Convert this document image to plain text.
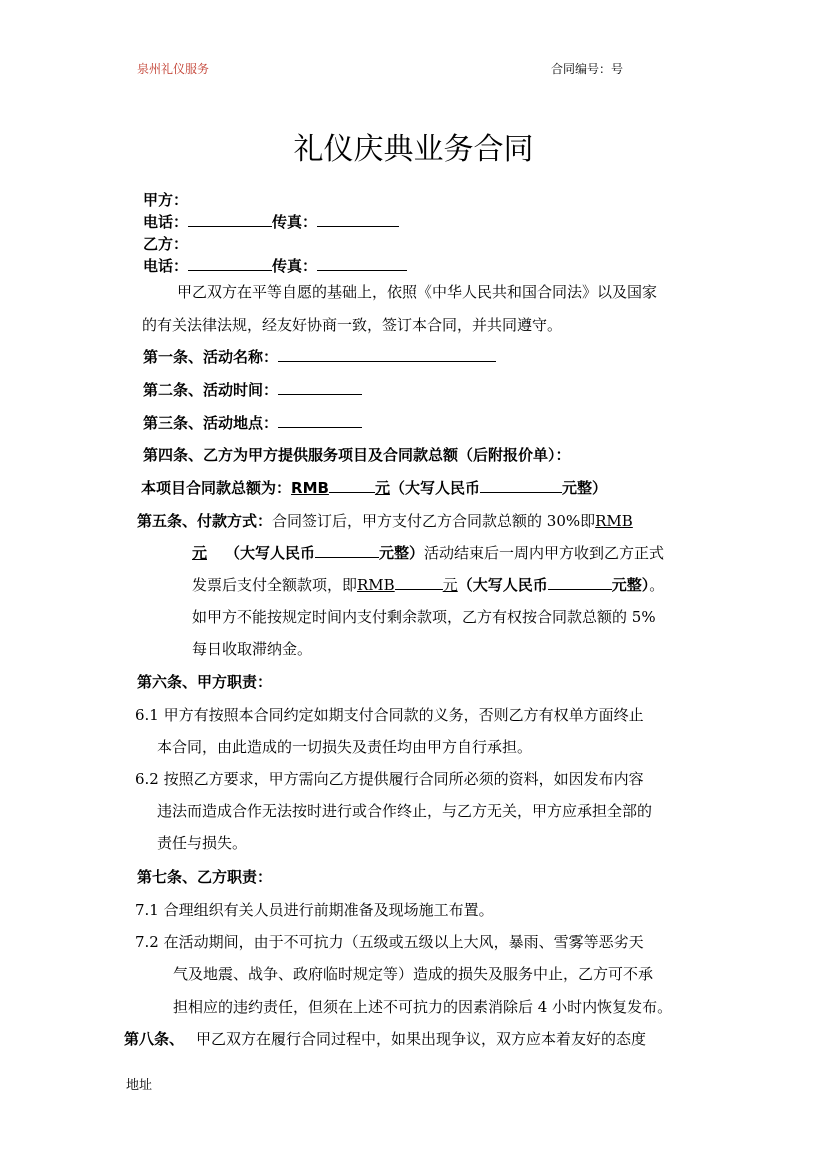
泉州礼仪服务	合同编号：号
礼仪庆典业务合同
甲方：
电话：	传真：
乙方：
电话：	传真：
甲乙双方在平等自愿的基础上，依照《中华人民共和国合同法》以及国家
的有关法律法规，经友好协商一致，签订本合同，并共同遵守。
第一条、活动名称：
第二条、活动时间：
第三条、活动地点：
第四条、乙方为甲方提供服务项目及合同款总额（后附报价单）：
本项目合同款总额为：RMB	元（大写人民币	元整）
第五条、付款方式：合同签订后，甲方支付乙方合同款总额的 30%即RMB
元 （大写人民币	元整）活动结束后一周内甲方收到乙方正式
发票后支付全额款项，即RMB	元（大写人民币	元整）。
如甲方不能按规定时间内支付剩余款项，乙方有权按合同款总额的 5%
每日收取滞纳金。
第六条、甲方职责：
6.1 甲方有按照本合同约定如期支付合同款的义务，否则乙方有权单方面终止
本合同，由此造成的一切损失及责任均由甲方自行承担。
6.2 按照乙方要求，甲方需向乙方提供履行合同所必须的资料，如因发布内容
违法而造成合作无法按时进行或合作终止，与乙方无关，甲方应承担全部的
责任与损失。
第七条、乙方职责：
7.1 合理组织有关人员进行前期准备及现场施工布置。
7.2 在活动期间，由于不可抗力（五级或五级以上大风，暴雨、雪雾等恶劣天
气及地震、战争、政府临时规定等）造成的损失及服务中止，乙方可不承
担相应的违约责任，但须在上述不可抗力的因素消除后 4 小时内恢复发布。
第八条、 甲乙双方在履行合同过程中，如果出现争议，双方应本着友好的态度
地址
